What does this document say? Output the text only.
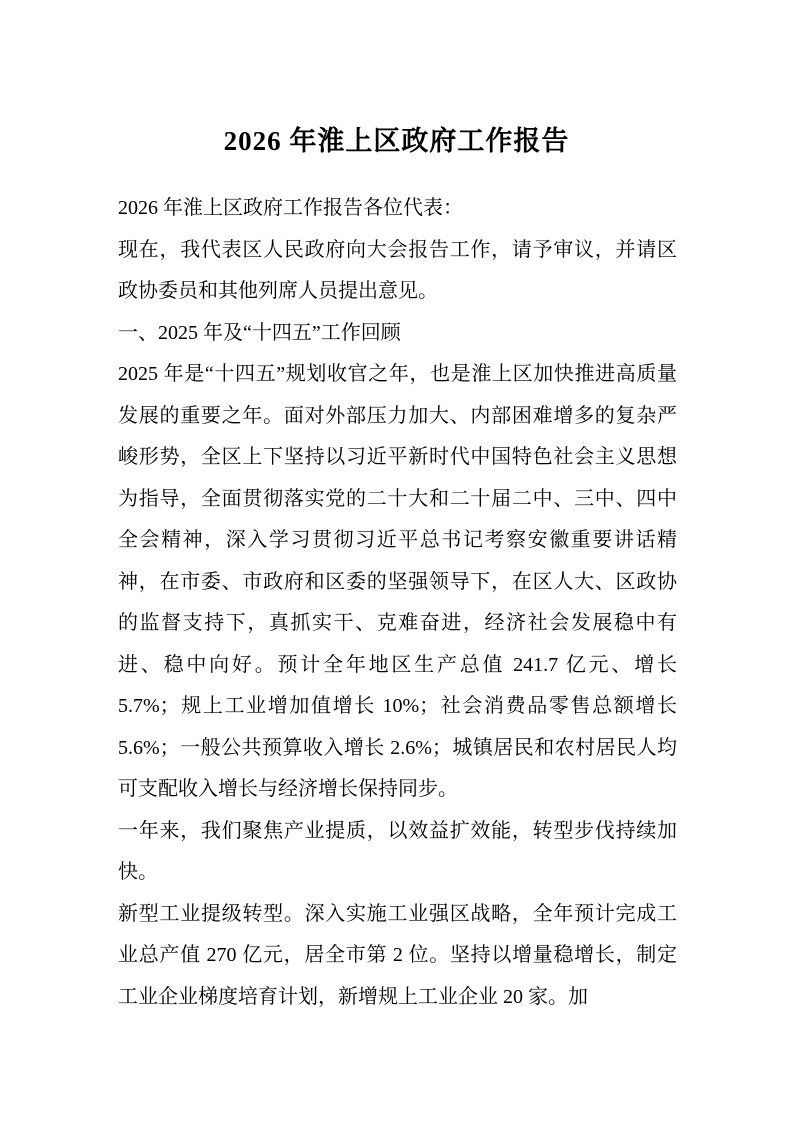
2026 年淮上区政府工作报告

2026 年淮上区政府工作报告各位代表：

现在，我代表区人民政府向大会报告工作，请予审议，并请区政协委员和其他列席人员提出意见。

一、2025 年及“十四五”工作回顾

2025 年是“十四五”规划收官之年，也是淮上区加快推进高质量发展的重要之年。面对外部压力加大、内部困难增多的复杂严峻形势，全区上下坚持以习近平新时代中国特色社会主义思想为指导，全面贯彻落实党的二十大和二十届二中、三中、四中全会精神，深入学习贯彻习近平总书记考察安徽重要讲话精神，在市委、市政府和区委的坚强领导下，在区人大、区政协的监督支持下，真抓实干、克难奋进，经济社会发展稳中有进、稳中向好。预计全年地区生产总值 241.7 亿元、增长 5.7%；规上工业增加值增长 10%；社会消费品零售总额增长 5.6%；一般公共预算收入增长 2.6%；城镇居民和农村居民人均可支配收入增长与经济增长保持同步。

一年来，我们聚焦产业提质，以效益扩效能，转型步伐持续加快。

新型工业提级转型。深入实施工业强区战略，全年预计完成工业总产值 270 亿元，居全市第 2 位。坚持以增量稳增长，制定工业企业梯度培育计划，新增规上工业企业 20 家。加
